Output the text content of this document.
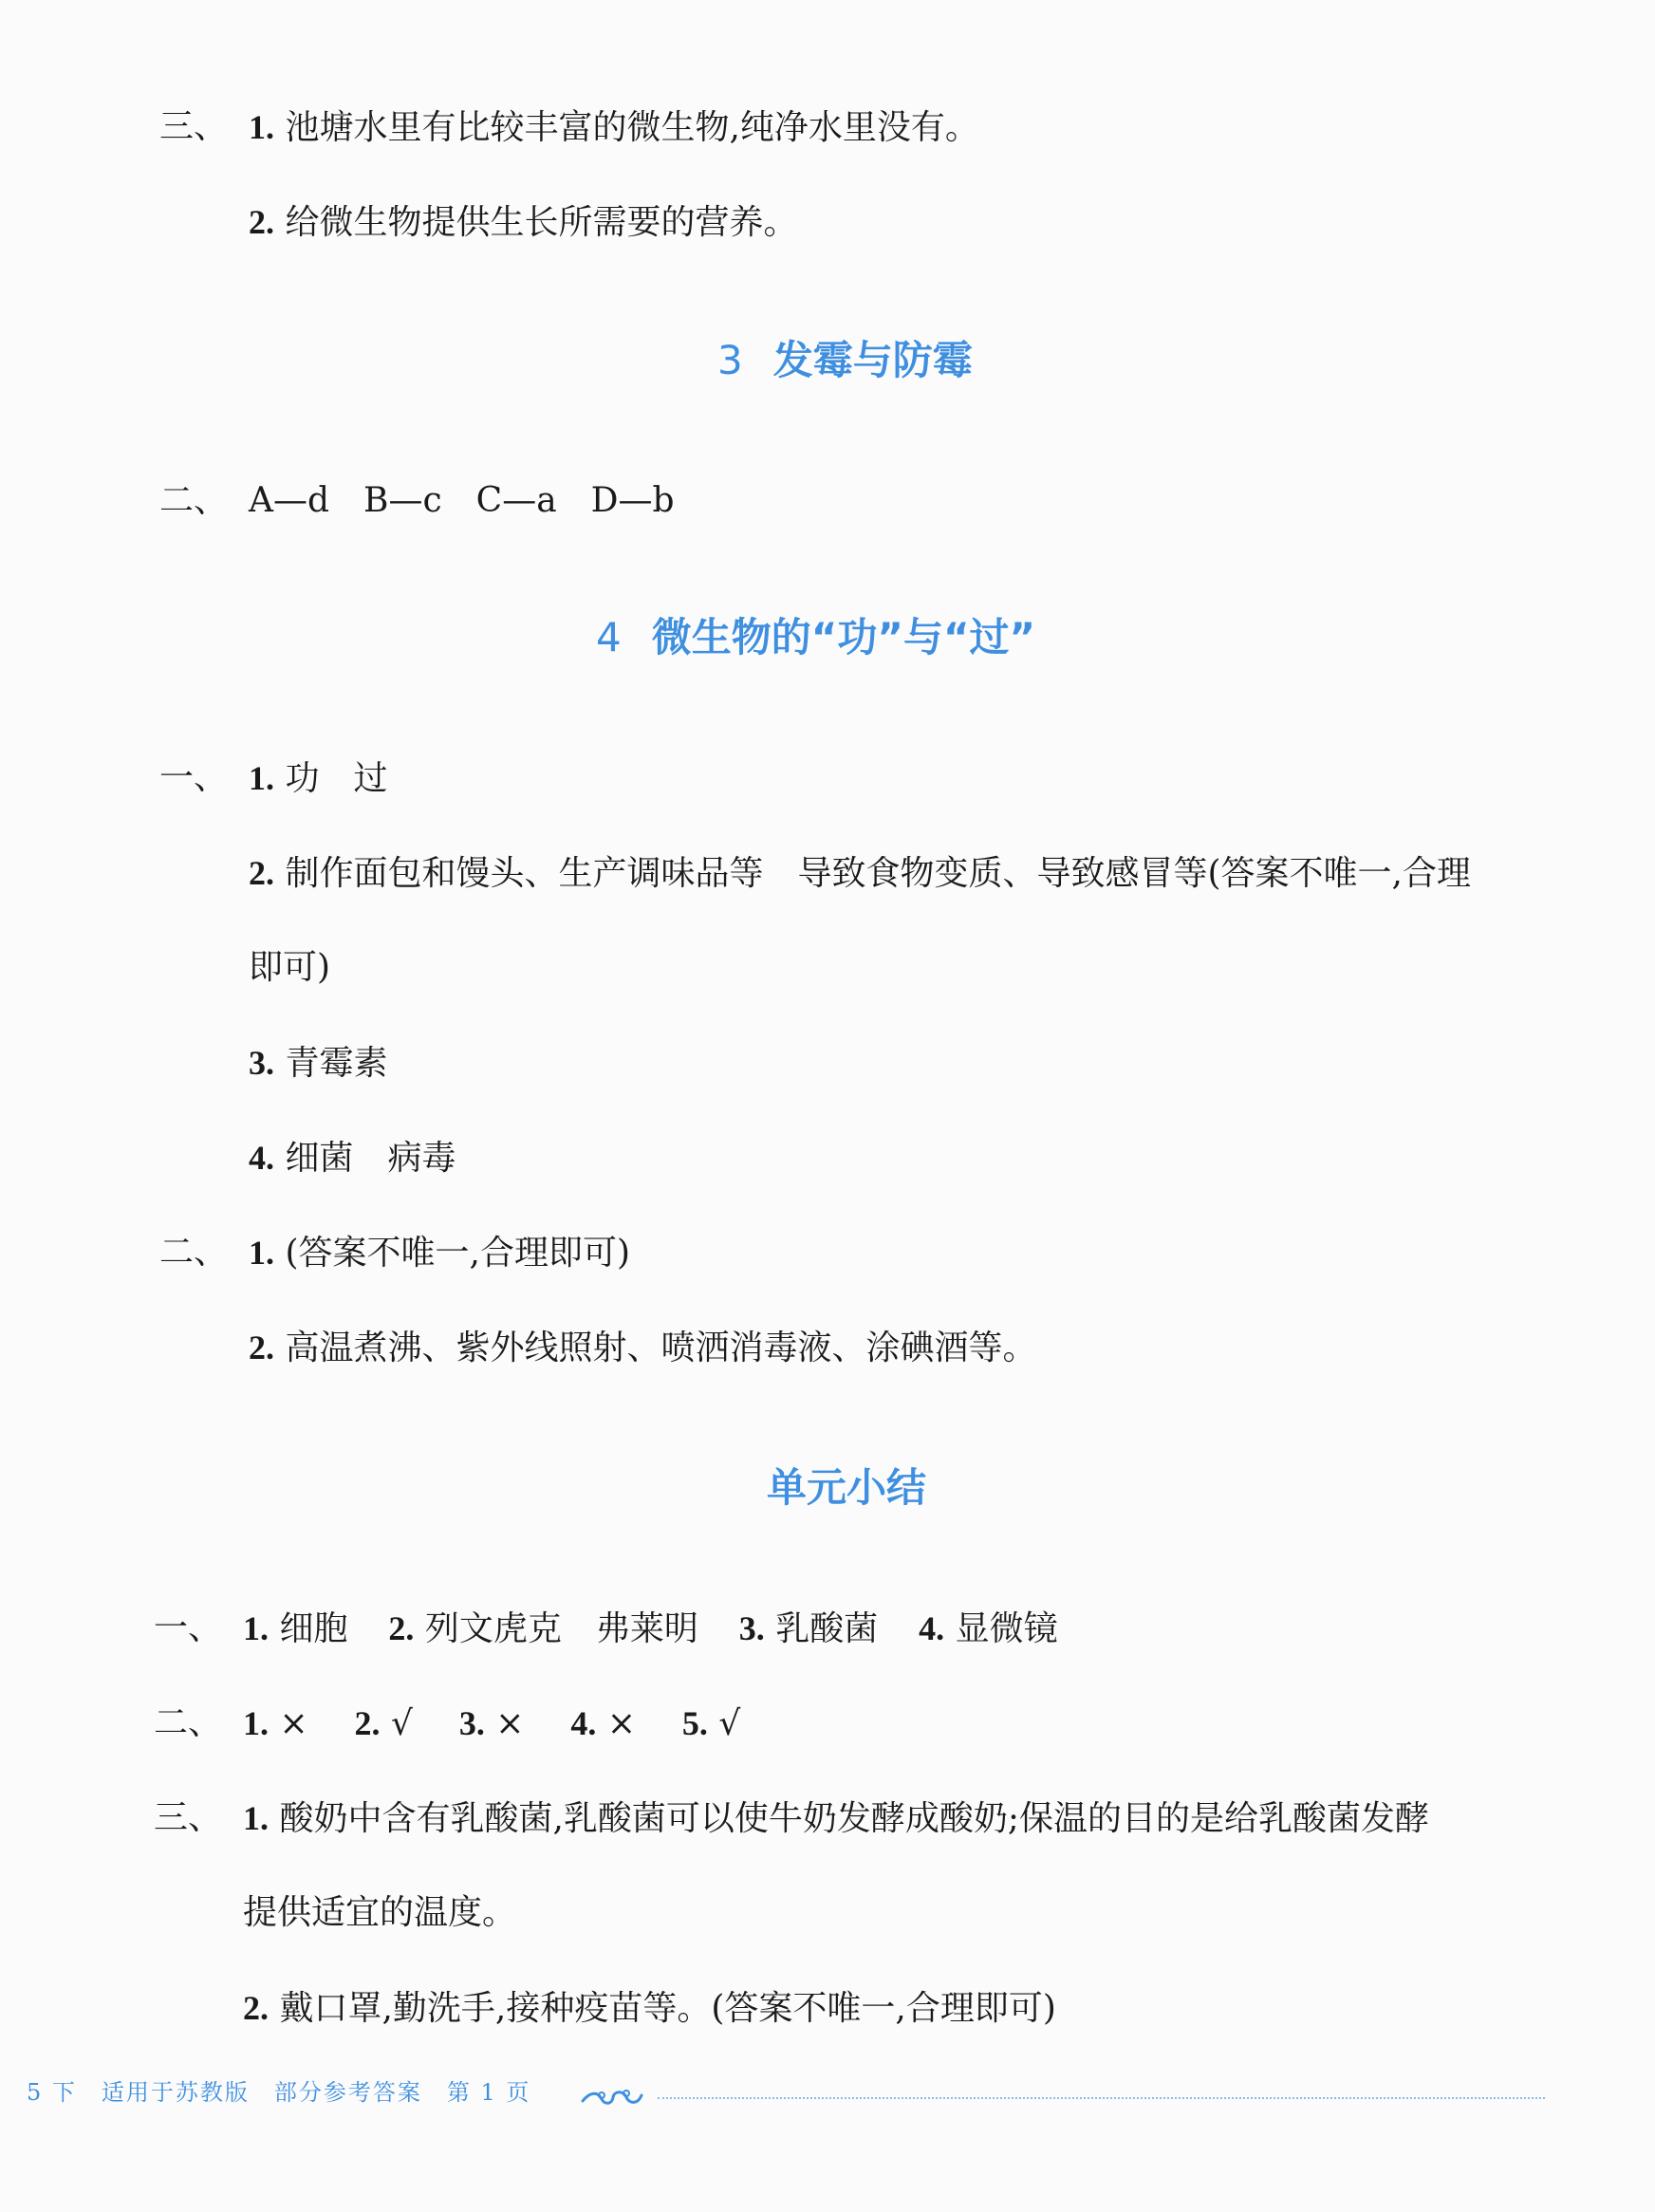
三、 1. 池塘水里有比较丰富的微生物,纯净水里没有。
2. 给微生物提供生长所需要的营养。
3 发霉与防霉
二、 A—d　B—c　C—a　D—b
4 微生物的“功”与“过”
一、 1. 功　过
2. 制作面包和馒头、生产调味品等　导致食物变质、导致感冒等(答案不唯一,合理
即可)
3. 青霉素
4. 细菌　病毒
二、 1. (答案不唯一,合理即可)
2. 高温煮沸、紫外线照射、喷洒消毒液、涂碘酒等。
单元小结
一、 1. 细胞 2. 列文虎克　弗莱明 3. 乳酸菌 4. 显微镜
二、 1. × 2. √ 3. × 4. × 5. √
三、 1. 酸奶中含有乳酸菌,乳酸菌可以使牛奶发酵成酸奶;保温的目的是给乳酸菌发酵
提供适宜的温度。
2. 戴口罩,勤洗手,接种疫苗等。(答案不唯一,合理即可)
5 下 适用于苏教版 部分参考答案 第 1 页
